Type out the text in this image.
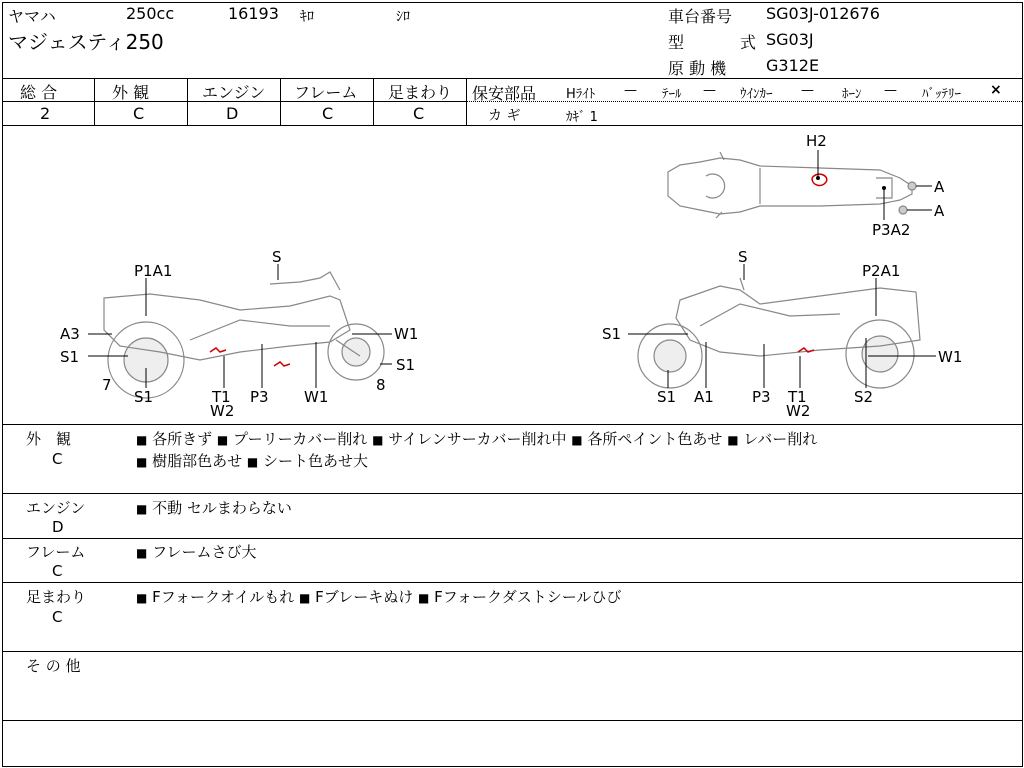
ヤマハ	250cc	16193 ｷﾛ	ｼﾛ
マジェスティ250
車台番号 SG03J-012676
型	式 SG03J
原 動 機 G312E
総 合	外 観	エンジン フレーム 足まわり
2	C	D	C	C
保安部品 Hﾗｲﾄ — ﾃｰﾙ — ｳｲﾝｶｰ — ﾎｰﾝ — ﾊﾞｯﾃﾘｰ ×
カ ギ	ｶｷﾞ 1
H2
A
A
P3A2
S
P1A1
A3
S1
W1
S1
7	8
S1	T1
W2
P3 W1
S
P2A1
S1
W1
S1 A1	P3 T1
W2
S2
外　観
C
■ 各所きず ■ プーリーカバー削れ ■ サイレンサーカバー削れ中 ■ 各所ペイント色あせ ■ レバー削れ
■ 樹脂部色あせ ■ シート色あせ大
エンジン
D
■ 不動 セルまわらない
フレーム
C
■ フレームさび大
足まわり
C
■ Fフォークオイルもれ ■ Fブレーキぬけ ■ Fフォークダストシールひび
そ の 他
